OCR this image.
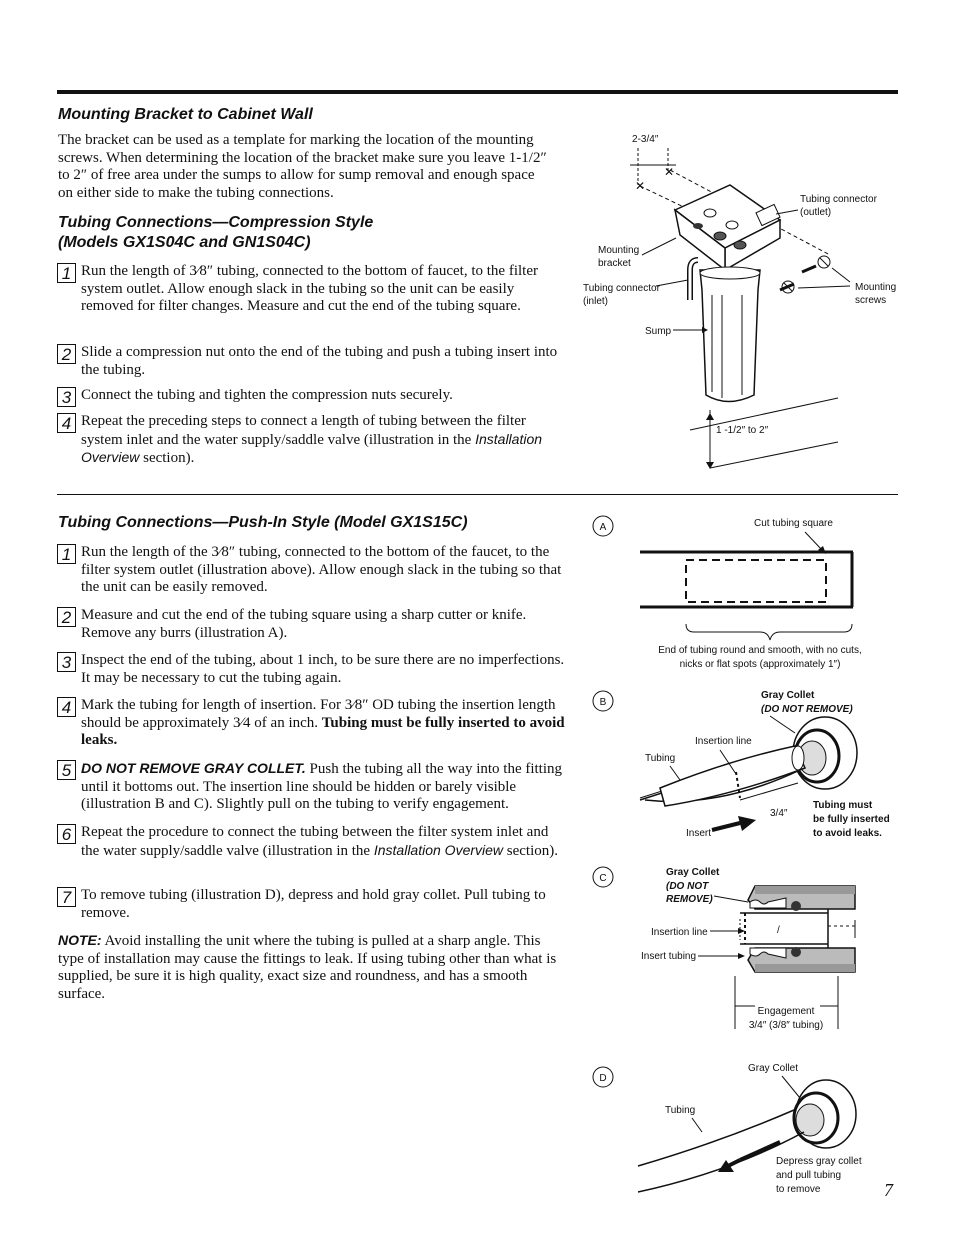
Mounting Bracket to Cabinet Wall

The bracket can be used as a template for marking the location of the mounting screws. When determining the location of the bracket make sure you leave 1-1/2″ to 2″ of free area under the sumps to allow for sump removal and enough space on either side to make the tubing connections.

Tubing Connections—Compression Style
(Models GX1S04C and GN1S04C)
1 Run the length of 3⁄8″ tubing, connected to the bottom of faucet, to the filter system outlet. Allow enough slack in the tubing so the unit can be easily removed for filter changes. Measure and cut the end of the tubing square.

2 Slide a compression nut onto the end of the tubing and push a tubing insert into the tubing.

3 Connect the tubing and tighten the compression nuts securely.

4 Repeat the preceding steps to connect a length of tubing between the filter system inlet and the water supply/saddle valve (illustration in the Installation Overview section).

2-3/4″
✕
✕
1 -1/2″ to 2″
Tubing connector (outlet)
Mounting bracket
Tubing connector (inlet)
Mounting screws
Sump
Tubing Connections—Push-In Style (Model GX1S15C)
1 Run the length of the 3⁄8″ tubing, connected to the bottom of the faucet, to the filter system outlet (illustration above). Allow enough slack in the tubing so that the unit can be easily removed.

2 Measure and cut the end of the tubing square using a sharp cutter or knife. Remove any burrs (illustration A).

3 Inspect the end of the tubing, about 1 inch, to be sure there are no imperfections. It may be necessary to cut the tubing again.

4 Mark the tubing for length of insertion. For 3⁄8″ OD tubing the insertion length should be approximately 3⁄4 of an inch. Tubing must be fully inserted to avoid leaks.

5 DO NOT REMOVE GRAY COLLET. Push the tubing all the way into the fitting until it bottoms out. The insertion line should be hidden or barely visible (illustration B and C). Slightly pull on the tubing to verify engagement.

6 Repeat the procedure to connect the tubing between the filter system inlet and the water supply/saddle valve (illustration in the Installation Overview section).

7 To remove tubing (illustration D), depress and hold gray collet. Pull tubing to remove.

NOTE: Avoid installing the unit where the tubing is pulled at a sharp angle. This type of installation may cause the fittings to leak. If using tubing other than what is supplied, be sure it is high quality, exact size and roundness, and has a smooth surface.

A	Cut tubing square
End of tubing round and smooth, with no cuts, nicks or flat spots (approximately 1″)
B
Gray Collet
(DO NOT REMOVE)
Insertion line
Tubing
3/4″
Insert
Tubing must be fully inserted to avoid leaks.
C
Gray Collet
(DO NOT REMOVE)
/
Insertion line
Insert tubing
Engagement 3/4″ (3/8″ tubing)
D
Gray Collet
Tubing
Depress gray collet and pull tubing to remove	7
